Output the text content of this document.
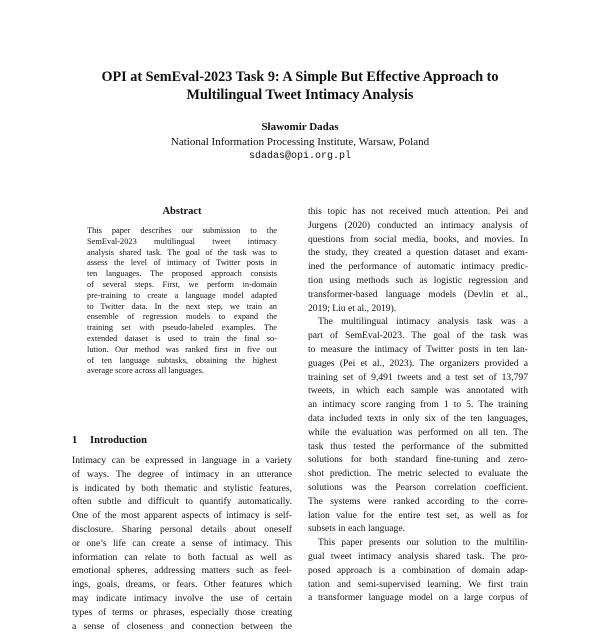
OPI at SemEval-2023 Task 9: A Simple But Effective Approach to
Multilingual Tweet Intimacy Analysis
Sławomir Dadas
National Information Processing Institute, Warsaw, Poland
sdadas@opi.org.pl
Abstract
This paper describes our submission to the
SemEval-2023 multilingual tweet intimacy
analysis shared task. The goal of the task was to
assess the level of intimacy of Twitter posts in
ten languages. The proposed approach consists
of several steps. First, we perform in-domain
pre-training to create a language model adapted
to Twitter data. In the next step, we train an
ensemble of regression models to expand the
training set with pseudo-labeled examples. The
extended dataset is used to train the final so-
lution. Our method was ranked first in five out
of ten language subtasks, obtaining the highest
average score across all languages.
1 Introduction
Intimacy can be expressed in language in a variety
of ways. The degree of intimacy in an utterance
is indicated by both thematic and stylistic features,
often subtle and difficult to quantify automatically.
One of the most apparent aspects of intimacy is self-
disclosure. Sharing personal details about oneself
or one’s life can create a sense of intimacy. This
information can relate to both factual as well as
emotional spheres, addressing matters such as feel-
ings, goals, dreams, or fears. Other features which
may indicate intimacy involve the use of certain
types of terms or phrases, especially those creating
a sense of closeness and connection between the
this topic has not received much attention. Pei and
Jurgens (2020) conducted an intimacy analysis of
questions from social media, books, and movies. In
the study, they created a question dataset and exam-
ined the performance of automatic intimacy predic-
tion using methods such as logistic regression and
transformer-based language models (Devlin et al.,
2019; Liu et al., 2019).
The multilingual intimacy analysis task was a
part of SemEval-2023. The goal of the task was
to measure the intimacy of Twitter posts in ten lan-
guages (Pei et al., 2023). The organizers provided a
training set of 9,491 tweets and a test set of 13,797
tweets, in which each sample was annotated with
an intimacy score ranging from 1 to 5. The training
data included texts in only six of the ten languages,
while the evaluation was performed on all ten. The
task thus tested the performance of the submitted
solutions for both standard fine-tuning and zero-
shot prediction. The metric selected to evaluate the
solutions was the Pearson correlation coefficient.
The systems were ranked according to the corre-
lation value for the entire test set, as well as for
subsets in each language.
This paper presents our solution to the multilin-
gual tweet intimacy analysis shared task. The pro-
posed approach is a combination of domain adap-
tation and semi-supervised learning. We first train
a transformer language model on a large corpus of
